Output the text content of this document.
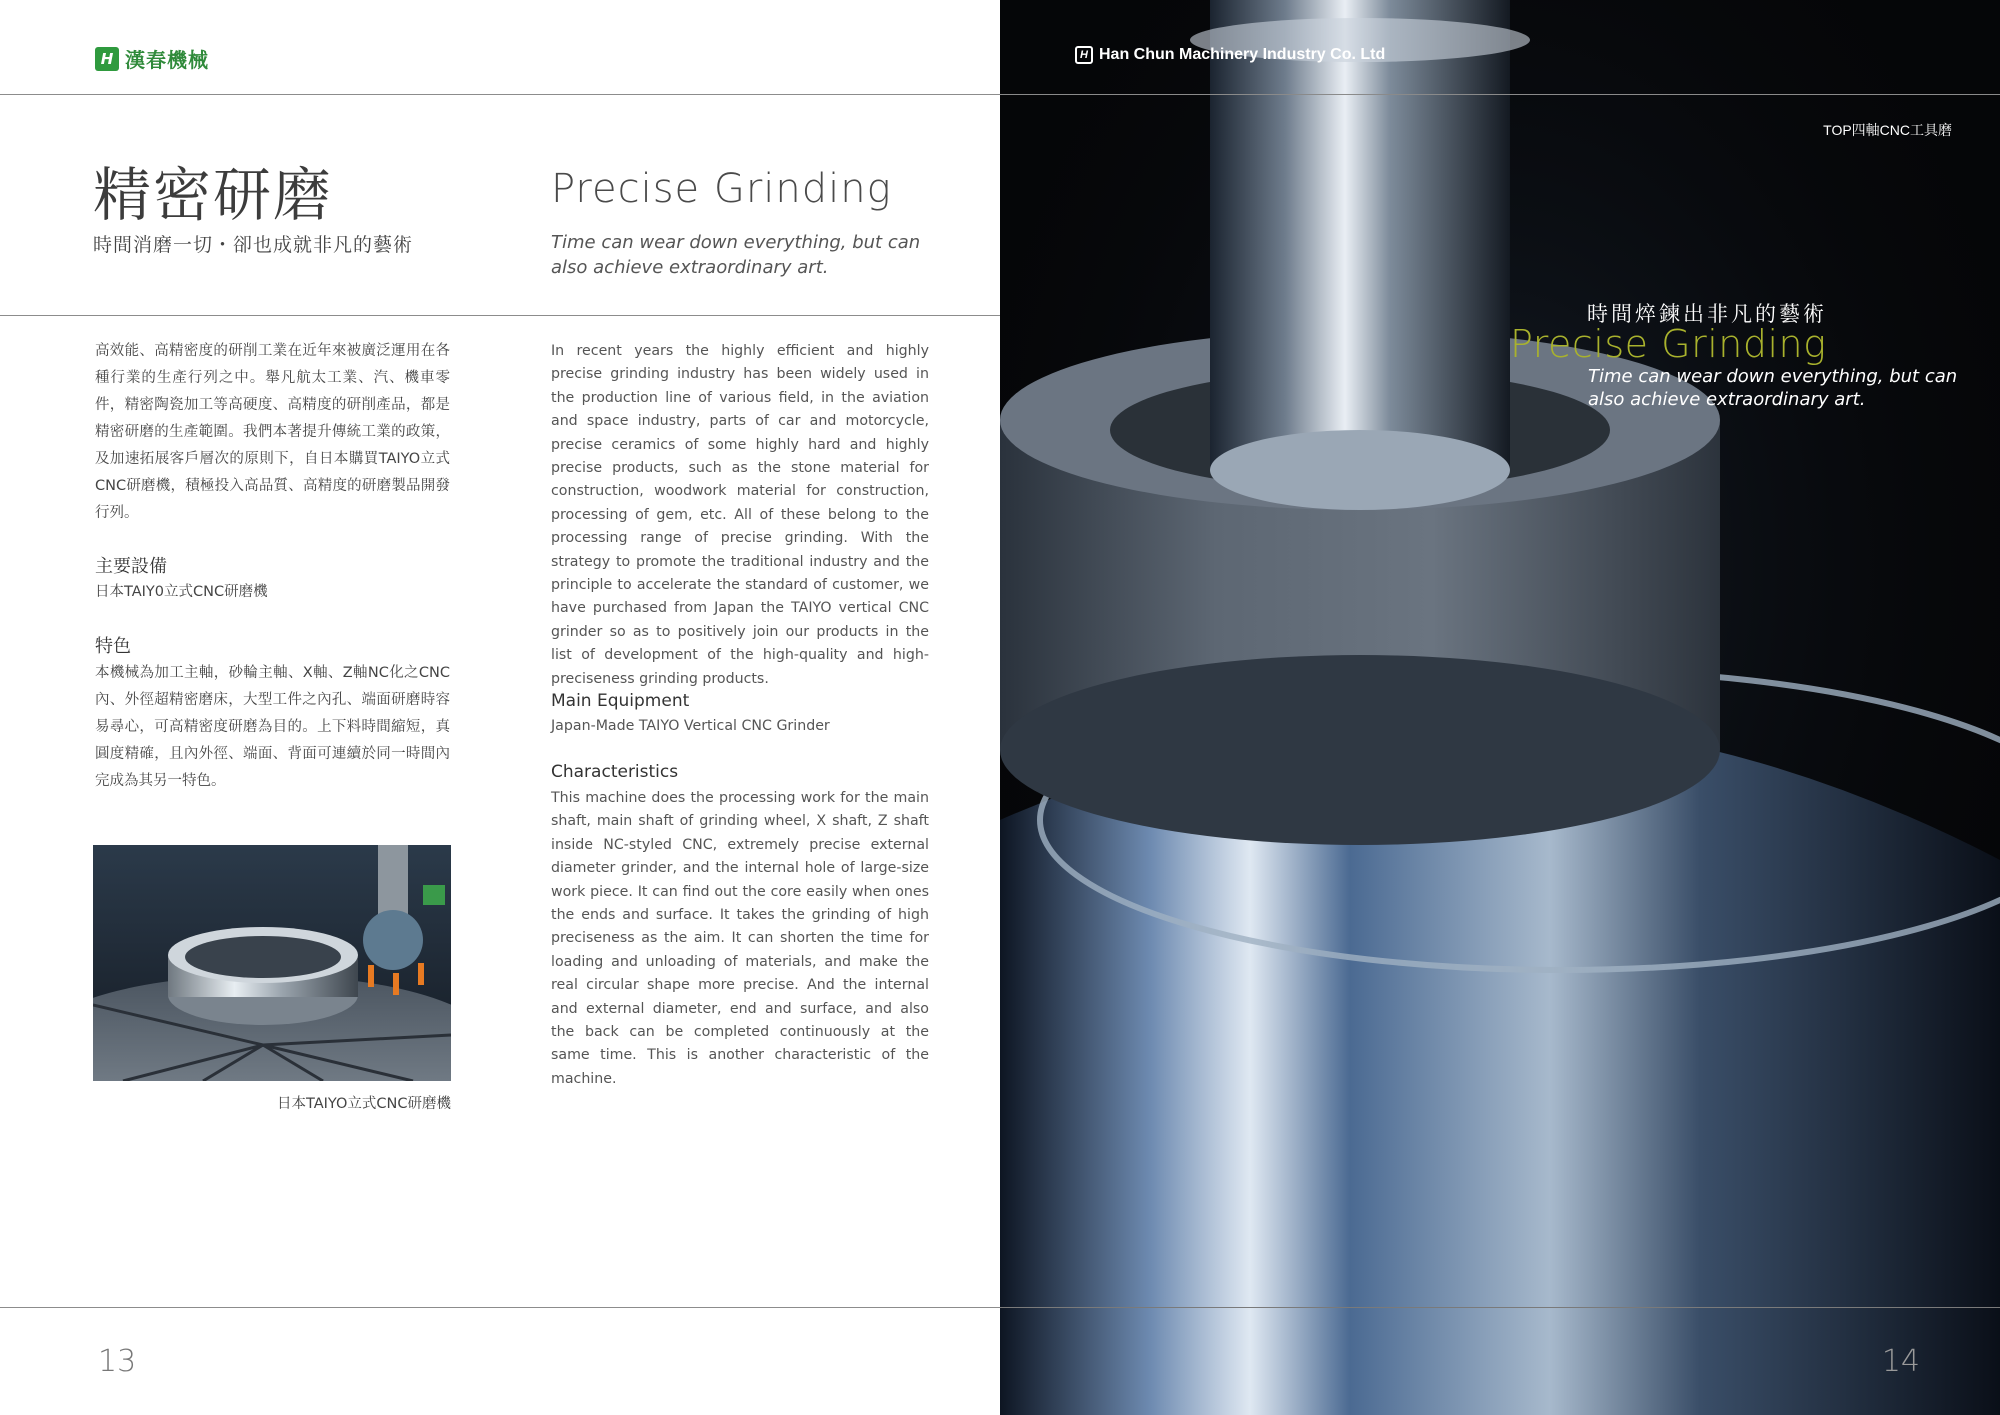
H 漢春機械
精密研磨
時間消磨一切・卻也成就非凡的藝術
Precise Grinding
Time can wear down everything, but can also achieve extraordinary art.
高效能、高精密度的研削工業在近年來被廣泛運用在各種行業的生產行列之中。舉凡航太工業、汽、機車零件，精密陶瓷加工等高硬度、高精度的研削產品，都是精密研磨的生產範圍。我們本著提升傳統工業的政策，及加速拓展客戶層次的原則下，自日本購買TAIYO立式CNC研磨機，積極投入高品質、高精度的研磨製品開發行列。
主要設備
日本TAIY0立式CNC研磨機
特色
本機械為加工主軸，砂輪主軸、X軸、Z軸NC化之CNC內、外徑超精密磨床，大型工件之內孔、端面研磨時容易尋心，可高精密度研磨為目的。上下料時間縮短，真圓度精確，且內外徑、端面、背面可連續於同一時間內完成為其另一特色。
日本TAIYO立式CNC研磨機
In recent years the highly efficient and highly precise grinding industry has been widely used in the production line of various field, in the aviation and space industry, parts of car and motorcycle, precise ceramics of some highly hard and highly precise products, such as the stone material for construction, woodwork material for construction, processing of gem, etc. All of these belong to the processing range of precise grinding. With the strategy to promote the traditional industry and the principle to accelerate the standard of customer, we have purchased from Japan the TAIYO vertical CNC grinder so as to positively join our products in the list of development of the high-quality and high-preciseness grinding products.
Main Equipment
Japan-Made TAIYO Vertical CNC Grinder
Characteristics
This machine does the processing work for the main shaft, main shaft of grinding wheel, X shaft, Z shaft inside NC-styled CNC, extremely precise external diameter grinder, and the internal hole of large-size work piece. It can find out the core easily when ones the ends and surface. It takes the grinding of high preciseness as the aim. It can shorten the time for loading and unloading of materials, and make the real circular shape more precise. And the internal and external diameter, end and surface, and also the back can be completed continuously at the same time. This is another characteristic of the machine.
13
H Han Chun Machinery Industry Co. Ltd
TOP四軸CNC工具磨
時間焠鍊出非凡的藝術
Precise Grinding
Time can wear down everything, but can also achieve extraordinary art.
14
